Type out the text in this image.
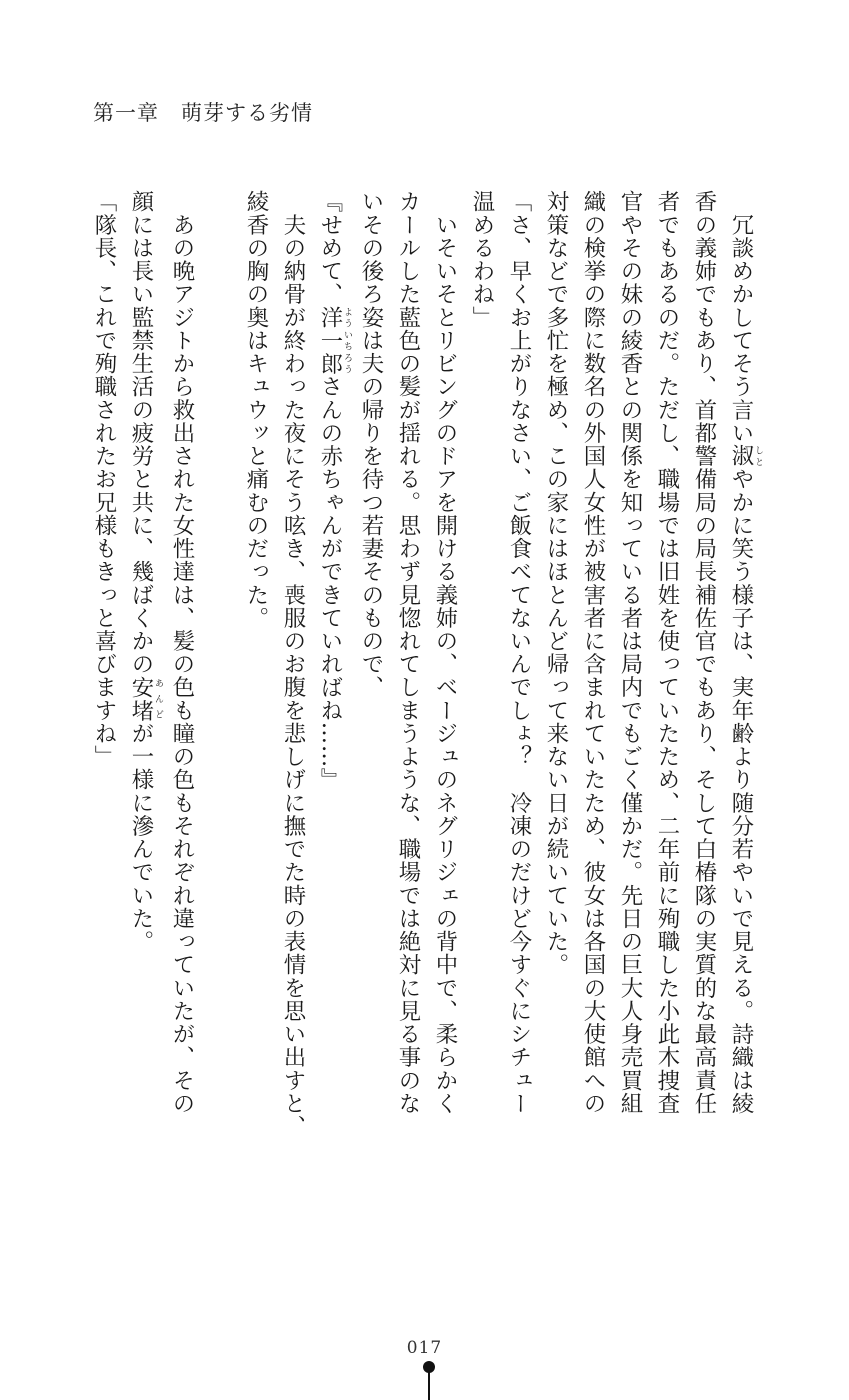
第一章　萌芽する劣情

　冗談めかしてそう言い淑 しとやかに笑う様子は、実年齢より随分若やいで見える。詩織は綾

香の義姉でもあり、首都警備局の局長補佐官でもあり、そして白椿隊の実質的な最高責任

者でもあるのだ。ただし、職場では旧姓を使っていたため、二年前に殉職した小此木捜査

官やその妹の綾香との関係を知っている者は局内でもごく僅かだ。先日の巨大人身売買組

織の検挙の際に数名の外国人女性が被害者に含まれていたため、彼女は各国の大使館への

対策などで多忙を極め、この家にはほとんど帰って来ない日が続いていた。

「さ、早くお上がりなさい、ご飯食べてないんでしょ？　冷凍のだけど今すぐにシチュー

温めるわね」

　いそいそとリビングのドアを開ける義姉の、ベージュのネグリジェの背中で、柔らかく

カールした藍色の髪が揺れる。思わず見惚れてしまうような、職場では絶対に見る事のな

いその後ろ姿は夫の帰りを待つ若妻そのもので、

『せめて、洋一郎 よういちろうさんの赤ちゃんができていればね……』

　夫の納骨が終わった夜にそう呟き、喪服のお腹を悲しげに撫でた時の表情を思い出すと、

綾香の胸の奥はキュウッと痛むのだった。

　あの晩アジトから救出された女性達は、髪の色も瞳の色もそれぞれ違っていたが、その

顔には長い監禁生活の疲労と共に、幾ばくかの安堵 あんどが一様に滲んでいた。

「隊長、これで殉職されたお兄様もきっと喜びますね」

017
